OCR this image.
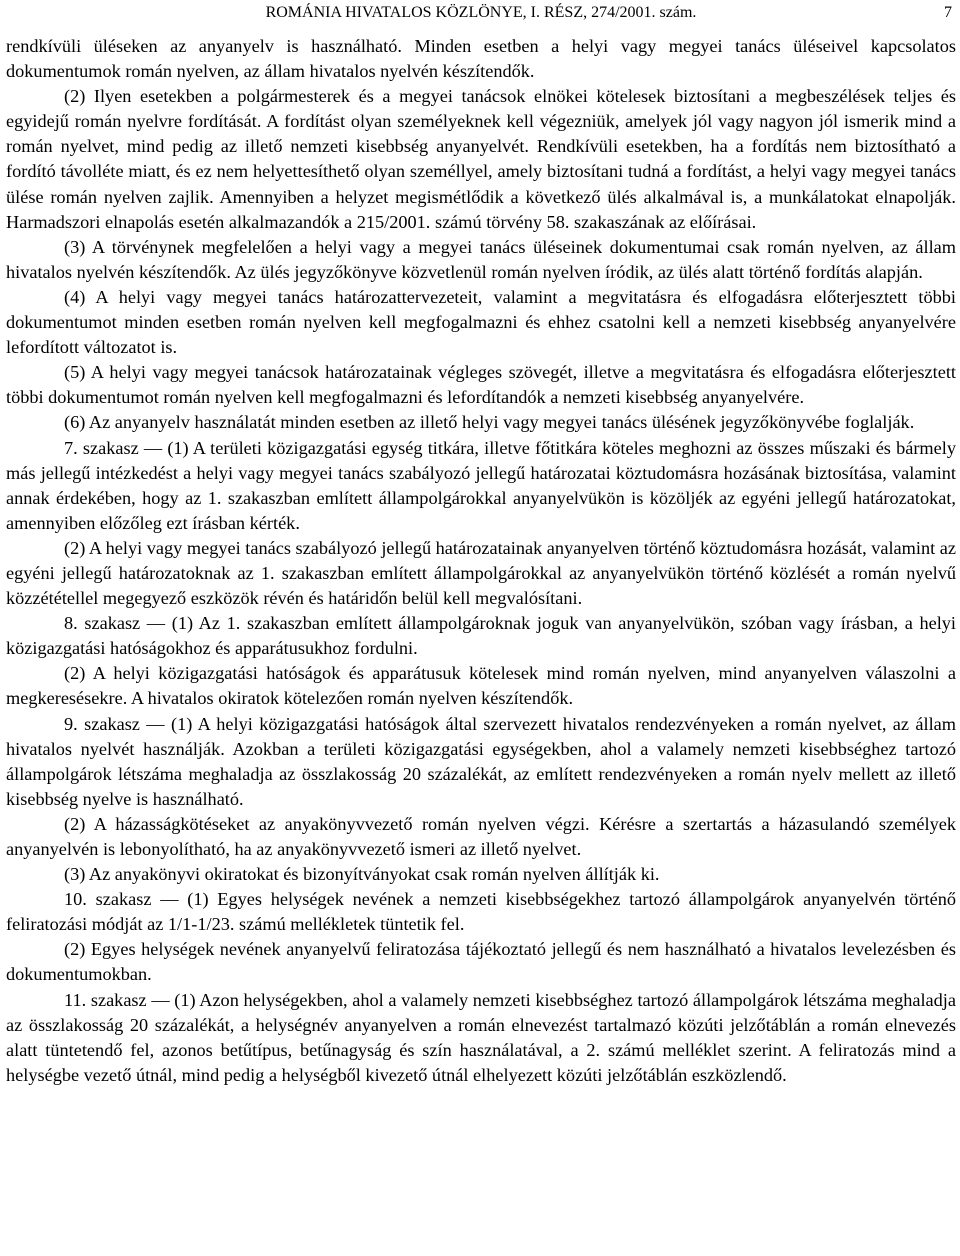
ROMÁNIA HIVATALOS KÖZLÖNYE, I. RÉSZ, 274/2001. szám.	7

rendkívüli üléseken az anyanyelv is használható. Minden esetben a helyi vagy megyei tanács üléseivel kapcsolatos dokumentumok román nyelven, az állam hivatalos nyelvén készítendők.

(2) Ilyen esetekben a polgármesterek és a megyei tanácsok elnökei kötelesek biztosítani a megbeszélések teljes és egyidejű román nyelvre fordítását. A fordítást olyan személyeknek kell végezniük, amelyek jól vagy nagyon jól ismerik mind a román nyelvet, mind pedig az illető nemzeti kisebbség anyanyelvét. Rendkívüli esetekben, ha a fordítás nem biztosítható a fordító távolléte miatt, és ez nem helyettesíthető olyan személlyel, amely biztosítani tudná a fordítást, a helyi vagy megyei tanács ülése román nyelven zajlik. Amennyiben a helyzet megismétlődik a következő ülés alkalmával is, a munkálatokat elnapolják. Harmadszori elnapolás esetén alkalmazandók a 215/2001. számú törvény 58. szakaszának az előírásai.

(3) A törvénynek megfelelően a helyi vagy a megyei tanács üléseinek dokumentumai csak román nyelven, az állam hivatalos nyelvén készítendők. Az ülés jegyzőkönyve közvetlenül román nyelven íródik, az ülés alatt történő fordítás alapján.

(4) A helyi vagy megyei tanács határozattervezeteit, valamint a megvitatásra és elfogadásra előterjesztett többi dokumentumot minden esetben román nyelven kell megfogalmazni és ehhez csatolni kell a nemzeti kisebbség anyanyelvére lefordított változatot is.

(5) A helyi vagy megyei tanácsok határozatainak végleges szövegét, illetve a megvitatásra és elfogadásra előterjesztett többi dokumentumot román nyelven kell megfogalmazni és lefordítandók a nemzeti kisebbség anyanyelvére.

(6) Az anyanyelv használatát minden esetben az illető helyi vagy megyei tanács ülésének jegyzőkönyvébe foglalják.

7. szakasz — (1) A területi közigazgatási egység titkára, illetve főtitkára köteles meghozni az összes műszaki és bármely más jellegű intézkedést a helyi vagy megyei tanács szabályozó jellegű határozatai köztudomásra hozásának biztosítása, valamint annak érdekében, hogy az 1. szakaszban említett állampolgárokkal anyanyelvükön is közöljék az egyéni jellegű határozatokat, amennyiben előzőleg ezt írásban kérték.

(2) A helyi vagy megyei tanács szabályozó jellegű határozatainak anyanyelven történő köztudomásra hozását, valamint az egyéni jellegű határozatoknak az 1. szakaszban említett állampolgárokkal az anyanyelvükön történő közlését a román nyelvű közzététellel megegyező eszközök révén és határidőn belül kell megvalósítani.

8. szakasz — (1) Az 1. szakaszban említett állampolgároknak joguk van anyanyelvükön, szóban vagy írásban, a helyi közigazgatási hatóságokhoz és apparátusukhoz fordulni.

(2) A helyi közigazgatási hatóságok és apparátusuk kötelesek mind román nyelven, mind anyanyelven válaszolni a megkeresésekre. A hivatalos okiratok kötelezően román nyelven készítendők.

9. szakasz — (1) A helyi közigazgatási hatóságok által szervezett hivatalos rendezvényeken a román nyelvet, az állam hivatalos nyelvét használják. Azokban a területi közigazgatási egységekben, ahol a valamely nemzeti kisebbséghez tartozó állampolgárok létszáma meghaladja az összlakosság 20 százalékát, az említett rendezvényeken a román nyelv mellett az illető kisebbség nyelve is használható.

(2) A házasságkötéseket az anyakönyvvezető román nyelven végzi. Kérésre a szertartás a házasulandó személyek anyanyelvén is lebonyolítható, ha az anyakönyvvezető ismeri az illető nyelvet.

(3) Az anyakönyvi okiratokat és bizonyítványokat csak román nyelven állítják ki.

10. szakasz — (1) Egyes helységek nevének a nemzeti kisebbségekhez tartozó állampolgárok anyanyelvén történő feliratozási módját az 1/1-1/23. számú mellékletek tüntetik fel.

(2) Egyes helységek nevének anyanyelvű feliratozása tájékoztató jellegű és nem használható a hivatalos levelezésben és dokumentumokban.

11. szakasz — (1) Azon helységekben, ahol a valamely nemzeti kisebbséghez tartozó állampolgárok létszáma meghaladja az összlakosság 20 százalékát, a helységnév anyanyelven a román elnevezést tartalmazó közúti jelzőtáblán a román elnevezés alatt tüntetendő fel, azonos betűtípus, betűnagyság és szín használatával, a 2. számú melléklet szerint. A feliratozás mind a helységbe vezető útnál, mind pedig a helységből kivezető útnál elhelyezett közúti jelzőtáblán eszközlendő.
